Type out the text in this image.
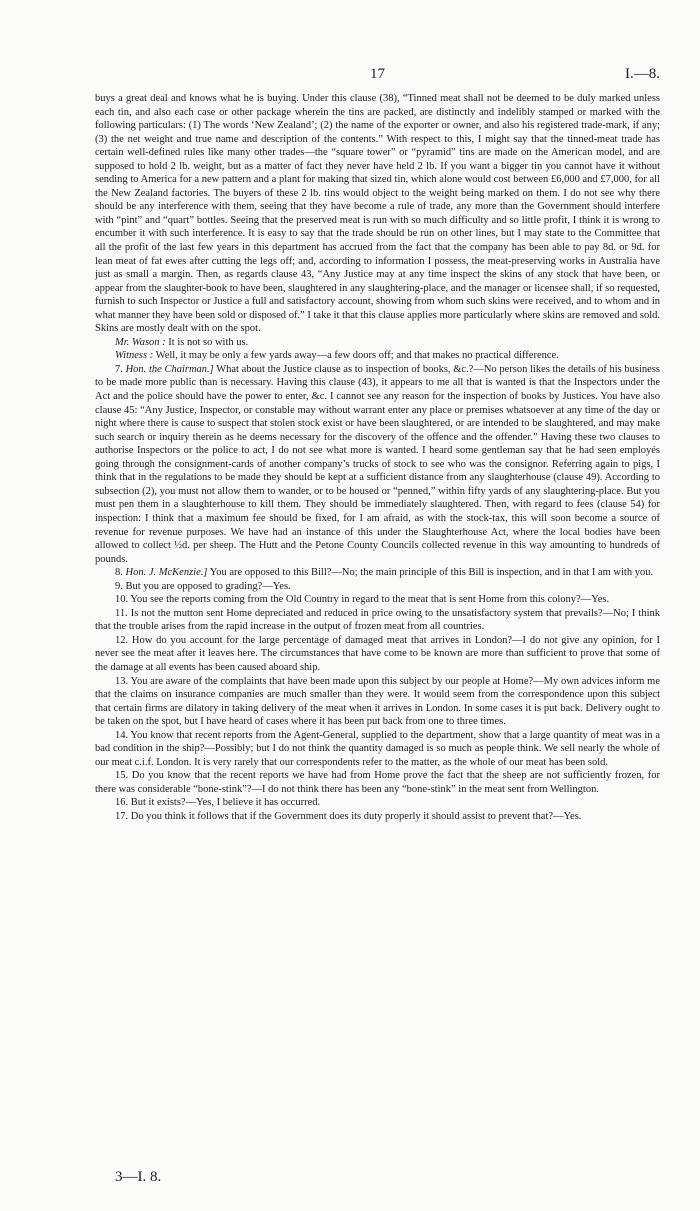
17	I.—8.

buys a great deal and knows what he is buying. Under this clause (38), “Tinned meat shall not be deemed to be duly marked unless each tin, and also each case or other package wherein the tins are packed, are distinctly and indelibly stamped or marked with the following particulars: (1) The words ‘New Zealand’; (2) the name of the exporter or owner, and also his registered trade-mark, if any; (3) the net weight and true name and description of the contents.” With respect to this, I might say that the tinned-meat trade has certain well-defined rules like many other trades—the “square tower” or “pyramid” tins are made on the American model, and are supposed to hold 2 lb. weight, but as a matter of fact they never have held 2 lb. If you want a bigger tin you cannot have it without sending to America for a new pattern and a plant for making that sized tin, which alone would cost between £6,000 and £7,000, for all the New Zealand factories. The buyers of these 2 lb. tins would object to the weight being marked on them. I do not see why there should be any interference with them, seeing that they have become a rule of trade, any more than the Government should interfere with “pint” and “quart” bottles. Seeing that the preserved meat is run with so much difficulty and so little profit, I think it is wrong to encumber it with such interference. It is easy to say that the trade should be run on other lines, but I may state to the Committee that all the profit of the last few years in this department has accrued from the fact that the company has been able to pay 8d. or 9d. for lean meat of fat ewes after cutting the legs off; and, according to information I possess, the meat-preserving works in Australia have just as small a margin. Then, as regards clause 43, “Any Justice may at any time inspect the skins of any stock that have been, or appear from the slaughter-book to have been, slaughtered in any slaughtering-place, and the manager or licensee shall, if so requested, furnish to such Inspector or Justice a full and satisfactory account, showing from whom such skins were received, and to whom and in what manner they have been sold or disposed of.” I take it that this clause applies more particularly where skins are removed and sold. Skins are mostly dealt with on the spot.

Mr. Wason : It is not so with us.

Witness : Well, it may be only a few yards away—a few doors off; and that makes no practical difference.

7. Hon. the Chairman.] What about the Justice clause as to inspection of books, &c.?—No person likes the details of his business to be made more public than is necessary. Having this clause (43), it appears to me all that is wanted is that the Inspectors under the Act and the police should have the power to enter, &c. I cannot see any reason for the inspection of books by Justices. You have also clause 45: “Any Justice, Inspector, or constable may without warrant enter any place or premises whatsoever at any time of the day or night where there is cause to suspect that stolen stock exist or have been slaughtered, or are intended to be slaughtered, and may make such search or inquiry therein as he deems necessary for the discovery of the offence and the offender.” Having these two clauses to authorise Inspectors or the police to act, I do not see what more is wanted. I heard some gentleman say that he had seen employés going through the consignment-cards of another company’s trucks of stock to see who was the consignor. Referring again to pigs, I think that in the regulations to be made they should be kept at a sufficient distance from any slaughterhouse (clause 49). According to subsection (2), you must not allow them to wander, or to be housed or “penned,” within fifty yards of any slaughtering-place. But you must pen them in a slaughterhouse to kill them. They should be immediately slaughtered. Then, with regard to fees (clause 54) for inspection: I think that a maximum fee should be fixed, for I am afraid, as with the stock-tax, this will soon become a source of revenue for revenue purposes. We have had an instance of this under the Slaughterhouse Act, where the local bodies have been allowed to collect ½d. per sheep. The Hutt and the Petone County Councils collected revenue in this way amounting to hundreds of pounds.

8. Hon. J. McKenzie.] You are opposed to this Bill?—No; the main principle of this Bill is inspection, and in that I am with you.

9. But you are opposed to grading?—Yes.

10. You see the reports coming from the Old Country in regard to the meat that is sent Home from this colony?—Yes.

11. Is not the mutton sent Home depreciated and reduced in price owing to the unsatisfactory system that prevails?—No; I think that the trouble arises from the rapid increase in the output of frozen meat from all countries.

12. How do you account for the large percentage of damaged meat that arrives in London?—I do not give any opinion, for I never see the meat after it leaves here. The circumstances that have come to be known are more than sufficient to prove that some of the damage at all events has been caused aboard ship.

13. You are aware of the complaints that have been made upon this subject by our people at Home?—My own advices inform me that the claims on insurance companies are much smaller than they were. It would seem from the correspondence upon this subject that certain firms are dilatory in taking delivery of the meat when it arrives in London. In some cases it is put back. Delivery ought to be taken on the spot, but I have heard of cases where it has been put back from one to three times.

14. You know that recent reports from the Agent-General, supplied to the department, show that a large quantity of meat was in a bad condition in the ship?—Possibly; but I do not think the quantity damaged is so much as people think. We sell nearly the whole of our meat c.i.f. London. It is very rarely that our correspondents refer to the matter, as the whole of our meat has been sold.

15. Do you know that the recent reports we have had from Home prove the fact that the sheep are not sufficiently frozen, for there was considerable “bone-stink”?—I do not think there has been any “bone-stink” in the meat sent from Wellington.

16. But it exists?—Yes, I believe it has occurred.

17. Do you think it follows that if the Government does its duty properly it should assist to prevent that?—Yes.

3—I. 8.
